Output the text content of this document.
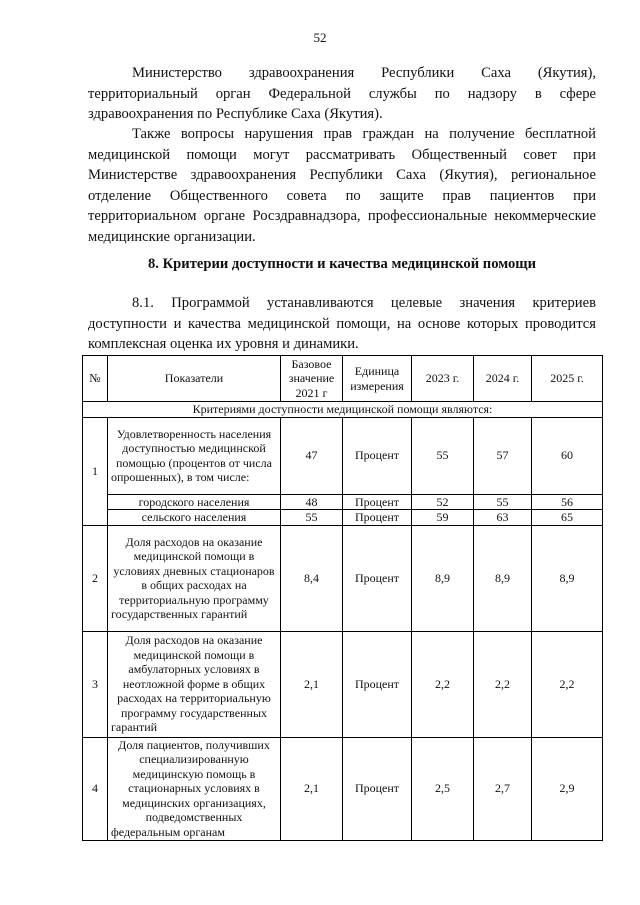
52

Министерство здравоохранения Республики Саха (Якутия), территориальный орган Федеральной службы по надзору в сфере здравоохранения по Республике Саха (Якутия).

Также вопросы нарушения прав граждан на получение бесплатной медицинской помощи могут рассматривать Общественный совет при Министерстве здравоохранения Республики Саха (Якутия), региональное отделение Общественного совета по защите прав пациентов при территориальном органе Росздравнадзора, профессиональные некоммерческие медицинские организации.

8. Критерии доступности и качества медицинской помощи

8.1. Программой устанавливаются целевые значения критериев доступности и качества медицинской помощи, на основе которых проводится комплексная оценка их уровня и динамики.

№	Показатели	Базовое значение 2021 г	Единица измерения	2023 г.	2024 г.	2025 г.
Критериями доступности медицинской помощи являются:						
1	Удовлетворенность населения доступностью медицинской помощью (процентов от числа опрошенных), в том числе:	47	Процент	55	57	60
	городского населения	48	Процент	52	55	56
	сельского населения	55	Процент	59	63	65
2	Доля расходов на оказание медицинской помощи в условиях дневных стационаров в общих расходах на территориальную программу государственных гарантий	8,4	Процент	8,9	8,9	8,9
3	Доля расходов на оказание медицинской помощи в амбулаторных условиях в неотложной форме в общих расходах на территориальную программу государственных гарантий	2,1	Процент	2,2	2,2	2,2
4	Доля пациентов, получивших специализированную медицинскую помощь в стационарных условиях в медицинских организациях, подведомственных федеральным органам	2,1	Процент	2,5	2,7	2,9
